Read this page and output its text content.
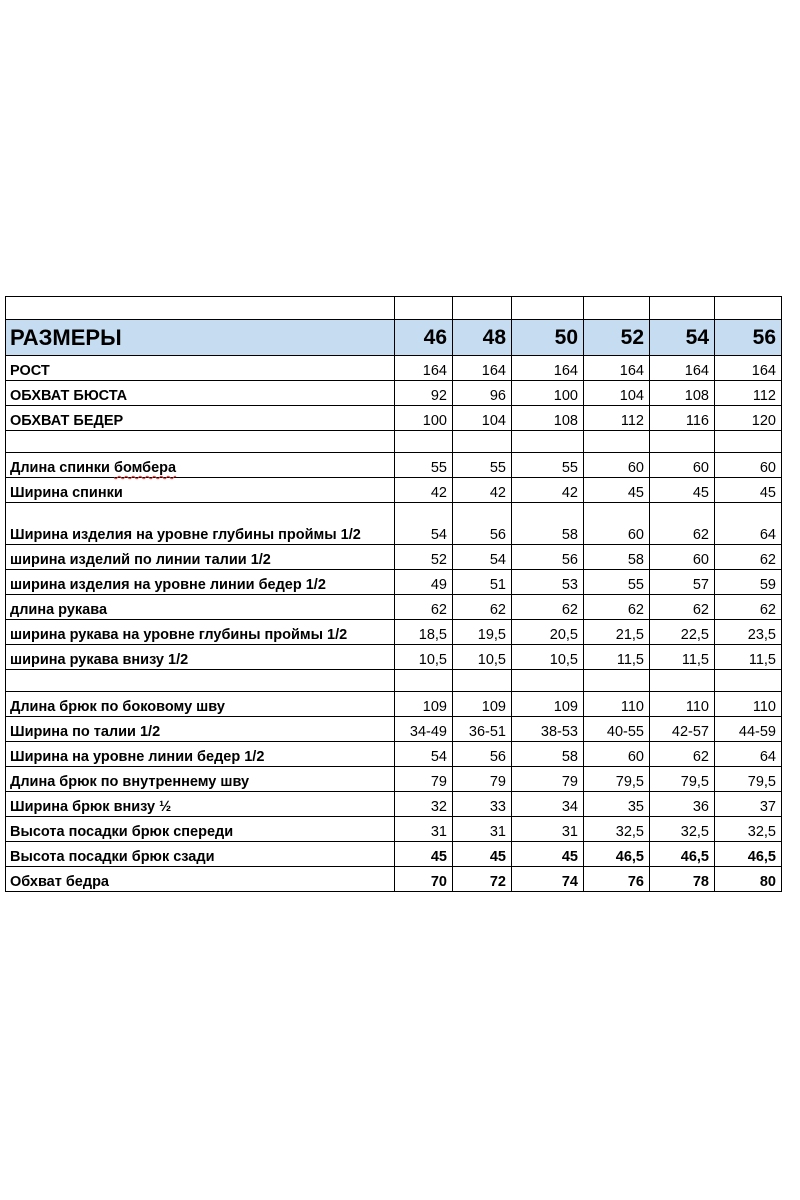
РАЗМЕРЫ	46	48	50	52	54	56
РОСТ	164	164	164	164	164	164
ОБХВАТ БЮСТА	92	96	100	104	108	112
ОБХВАТ БЕДЕР	100	104	108	112	116	120

Длина спинки бомбера	55	55	55	60	60	60
Ширина спинки	42	42	42	45	45	45
Ширина изделия на уровне глубины проймы 1/2	54	56	58	60	62	64
ширина изделий по линии талии 1/2	52	54	56	58	60	62
ширина изделия на уровне линии бедер 1/2	49	51	53	55	57	59
длина рукава	62	62	62	62	62	62
ширина рукава на уровне глубины проймы 1/2	18,5	19,5	20,5	21,5	22,5	23,5
ширина рукава внизу 1/2	10,5	10,5	10,5	11,5	11,5	11,5

Длина брюк по боковому шву	109	109	109	110	110	110
Ширина по талии 1/2	34-49	36-51	38-53	40-55	42-57	44-59
Ширина на уровне линии бедер 1/2	54	56	58	60	62	64
Длина брюк по внутреннему шву	79	79	79	79,5	79,5	79,5
Ширина брюк внизу ½	32	33	34	35	36	37
Высота посадки брюк спереди	31	31	31	32,5	32,5	32,5
Высота посадки брюк сзади	45	45	45	46,5	46,5	46,5
Обхват бедра	70	72	74	76	78	80
